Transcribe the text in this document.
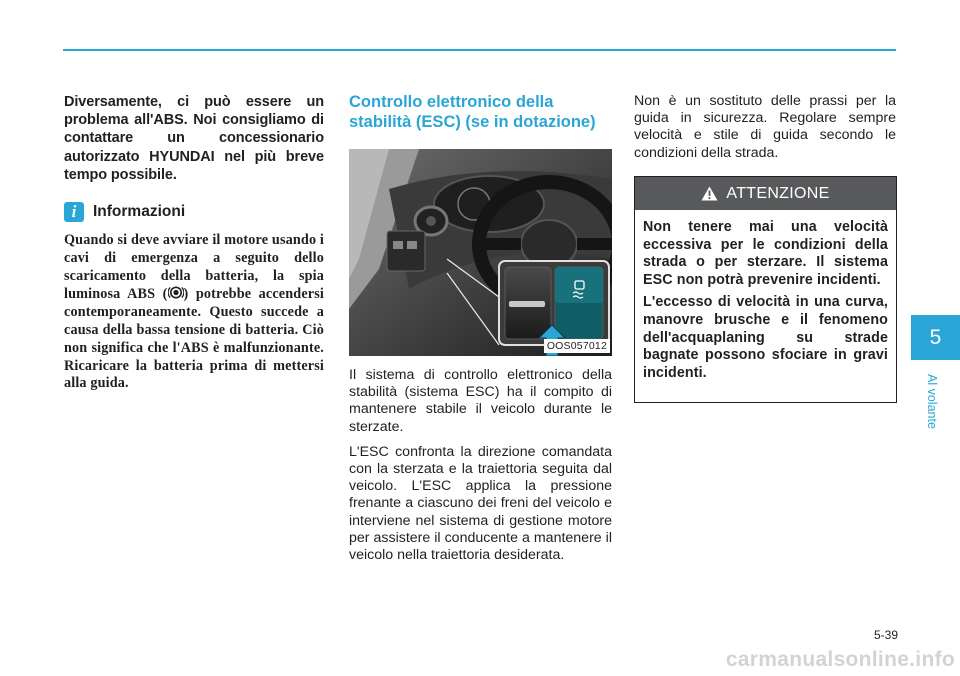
Diversamente, ci può essere un problema all'ABS. Noi consigliamo di contattare un concessionario autorizzato HYUNDAI nel più breve tempo possibile.

i	Informazioni

Quando si deve avviare il motore usando i cavi di emergenza a seguito dello scaricamento della batteria, la spia luminosa ABS ( ) potrebbe accendersi contemporaneamente. Questo succede a causa della bassa tensione di batteria. Ciò non significa che l'ABS è malfunzionante. Ricaricare la batteria prima di mettersi alla guida.

Controllo elettronico della stabilità (ESC) (se in dotazione)
OOS057012

Il sistema di controllo elettronico della stabilità (sistema ESC) ha il compito di mantenere stabile il veicolo durante le sterzate.

L'ESC confronta la direzione comandata con la sterzata e la traiettoria seguita dal veicolo. L'ESC applica la pressione frenante a ciascuno dei freni del veicolo e interviene nel sistema di gestione motore per assistere il conducente a mantenere il veicolo nella traiettoria desiderata.

Non è un sostituto delle prassi per la guida in sicurezza. Regolare sempre velocità e stile di guida secondo le condizioni della strada.

ATTENZIONE

Non tenere mai una velocità eccessiva per le condizioni della strada o per sterzare. Il sistema ESC non potrà prevenire incidenti.

L'eccesso di velocità in una curva, manovre brusche e il fenomeno dell'acquaplaning su strade bagnate possono sfociare in gravi incidenti.

5
Al volante
5-39
carmanualsonline.info
